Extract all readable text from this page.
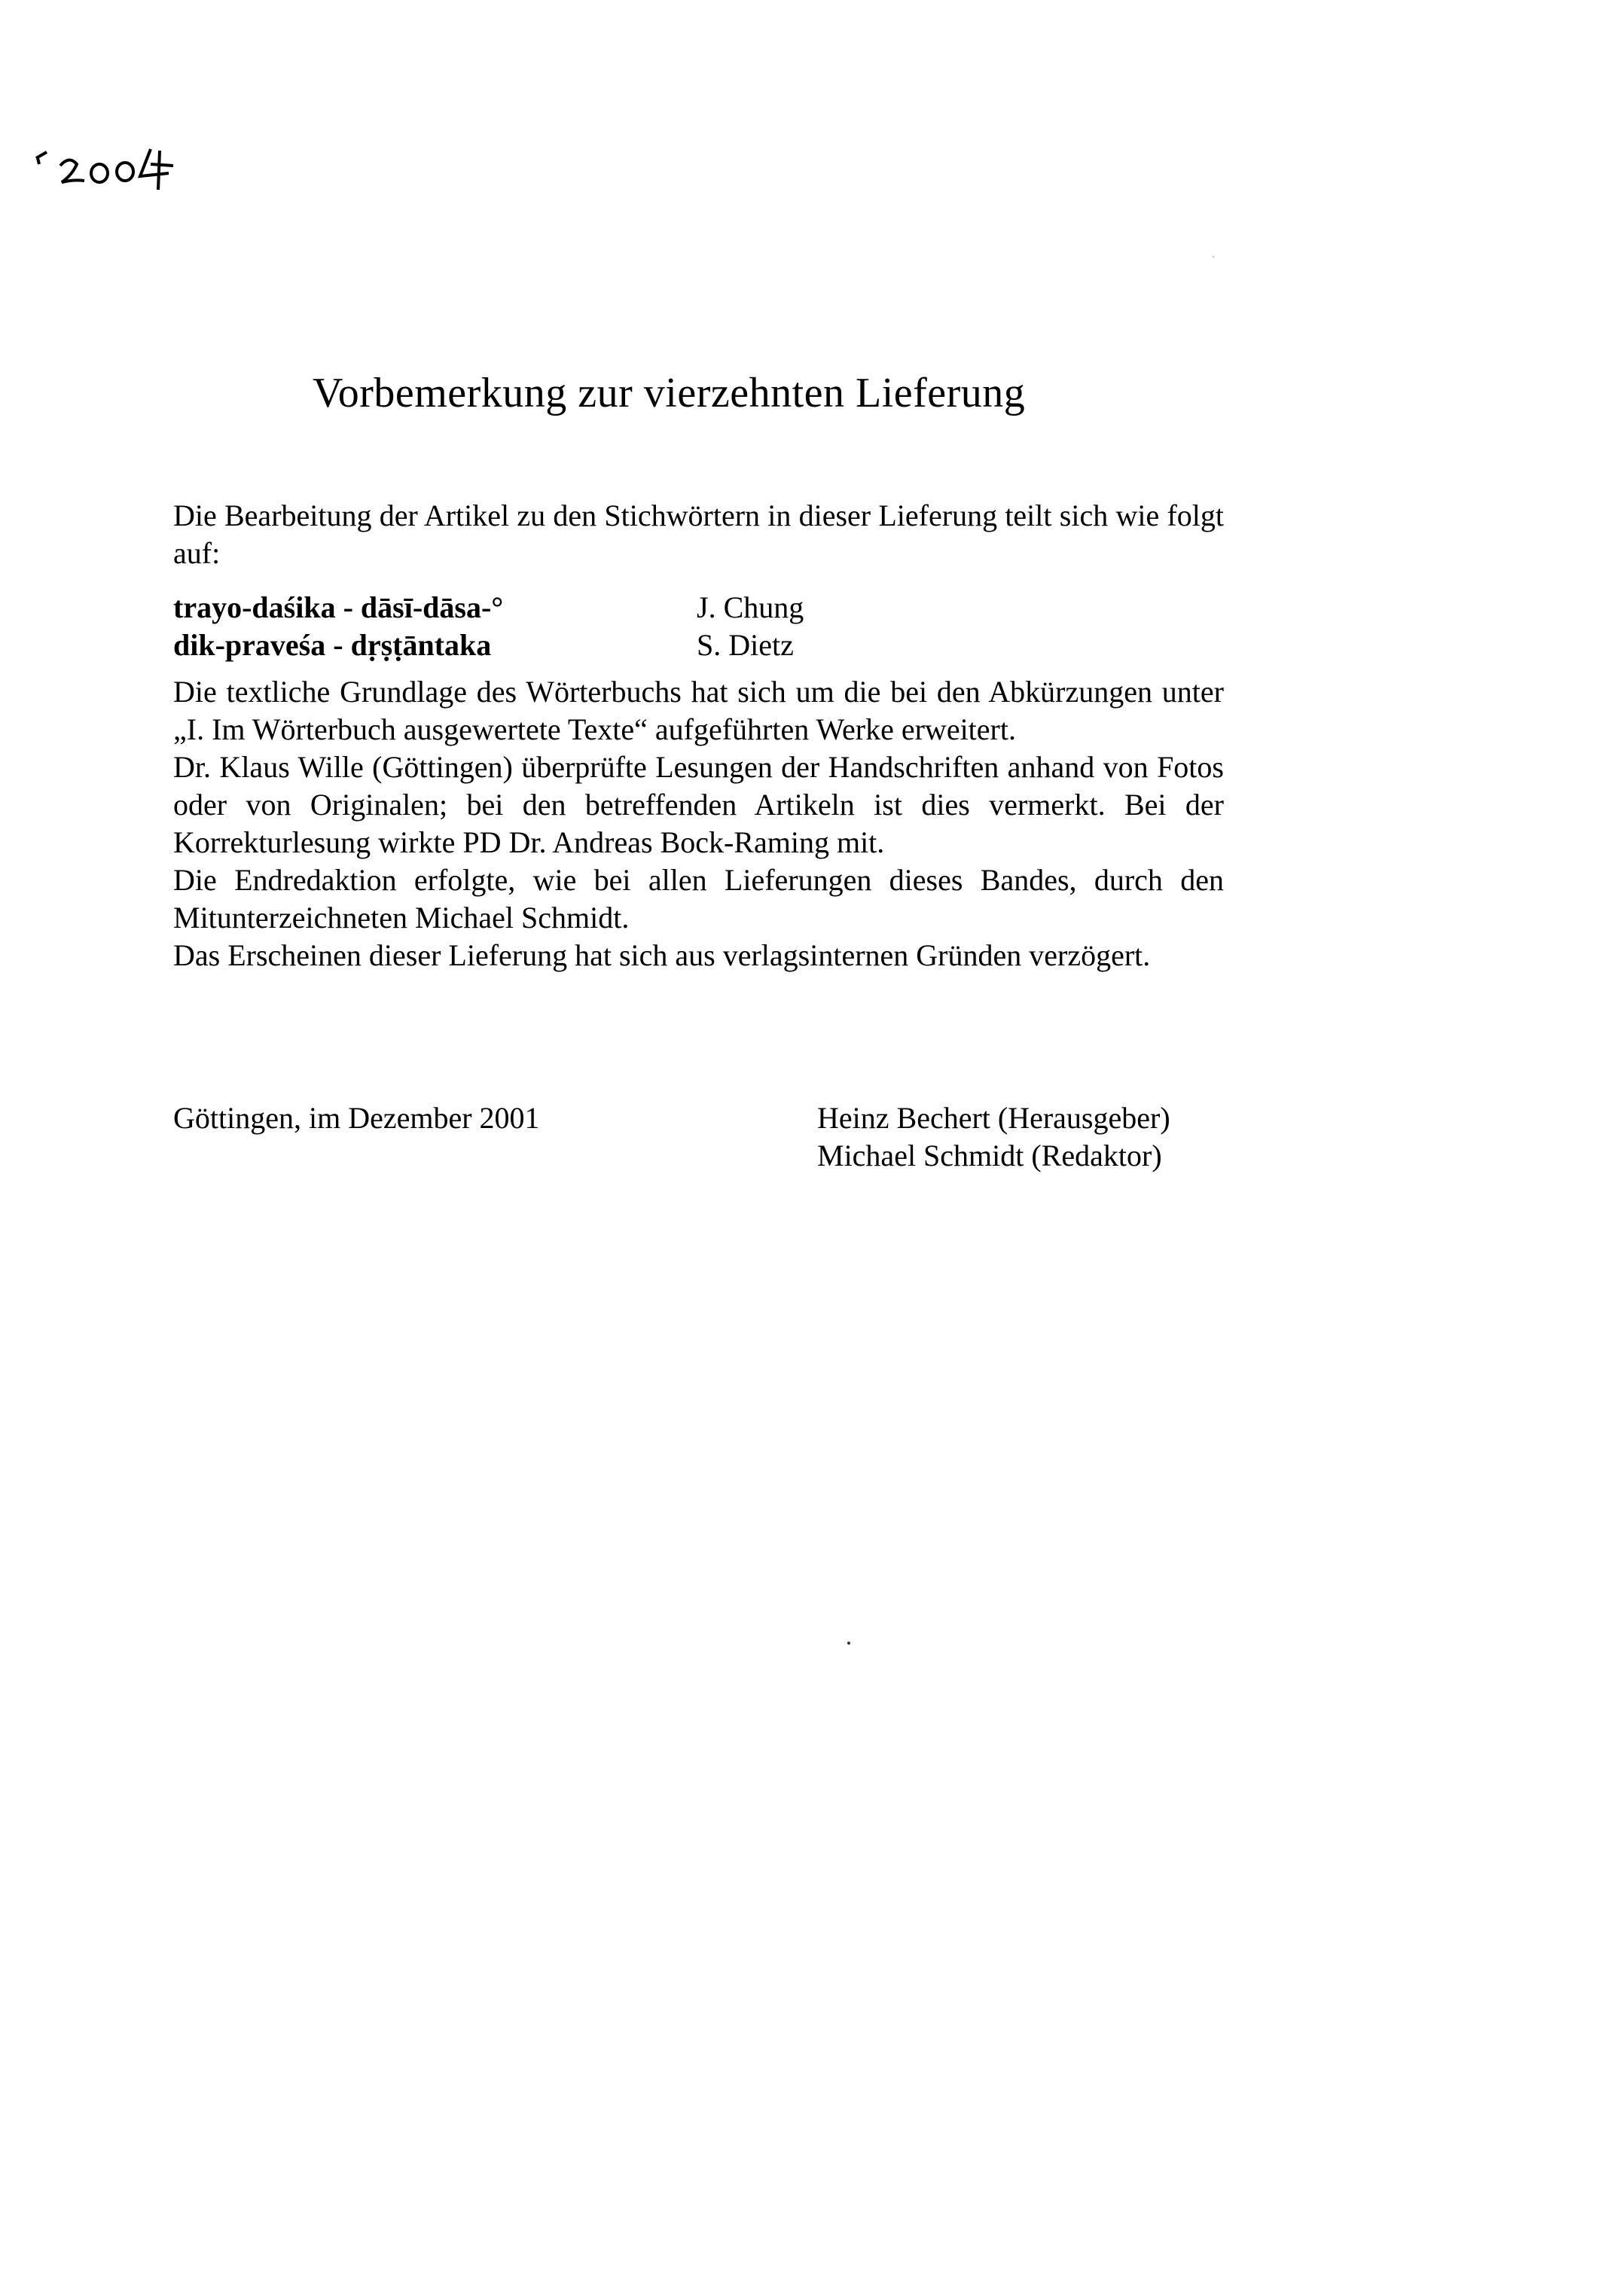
Vorbemerkung zur vierzehnten Lieferung

Die Bearbeitung der Artikel zu den Stichwörtern in dieser Lieferung teilt sich wie folgt auf:

trayo-daśika - dāsī-dāsa-°	J. Chung
dik-praveśa - dṛṣṭāntaka	S. Dietz

Die textliche Grundlage des Wörterbuchs hat sich um die bei den Abkürzungen unter „I. Im Wörterbuch ausgewertete Texte“ aufgeführten Werke erweitert.

Dr. Klaus Wille (Göttingen) überprüfte Lesungen der Handschriften anhand von Fotos oder von Originalen; bei den betreffenden Artikeln ist dies vermerkt. Bei der Korrekturlesung wirkte PD Dr. Andreas Bock-Raming mit.

Die Endredaktion erfolgte, wie bei allen Lieferungen dieses Bandes, durch den Mitunterzeichneten Michael Schmidt.

Das Erscheinen dieser Lieferung hat sich aus verlagsinternen Gründen verzögert.

Göttingen, im Dezember 2001	Heinz Bechert (Herausgeber)
Michael Schmidt (Redaktor)
